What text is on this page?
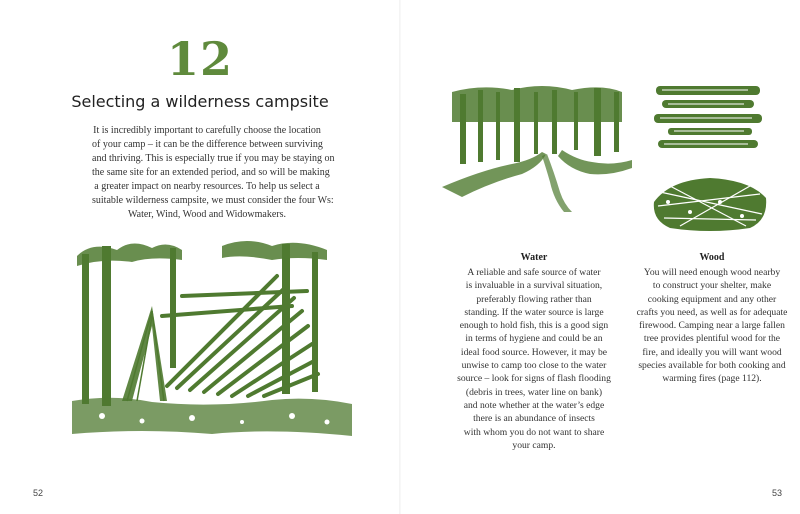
12
Selecting a wilderness campsite
It is incredibly important to carefully choose the location
of your camp – it can be the difference between surviving
and thriving. This is especially true if you may be staying on
the same site for an extended period, and so will be making
a greater impact on nearby resources. To help us select a
suitable wilderness campsite, we must consider the four Ws:
Water, Wind, Wood and Widowmakers.
52
Water
A reliable and safe source of water
is invaluable in a survival situation,
preferably flowing rather than
standing. If the water source is large
enough to hold fish, this is a good sign
in terms of hygiene and could be an
ideal food source. However, it may be
unwise to camp too close to the water
source – look for signs of flash flooding
(debris in trees, water line on bank)
and note whether at the water’s edge
there is an abundance of insects
with whom you do not want to share
your camp.
Wood
You will need enough wood nearby
to construct your shelter, make
cooking equipment and any other
crafts you need, as well as for adequate
firewood. Camping near a large fallen
tree provides plentiful wood for the
fire, and ideally you will want wood
species available for both cooking and
warming fires (page 112).
53
